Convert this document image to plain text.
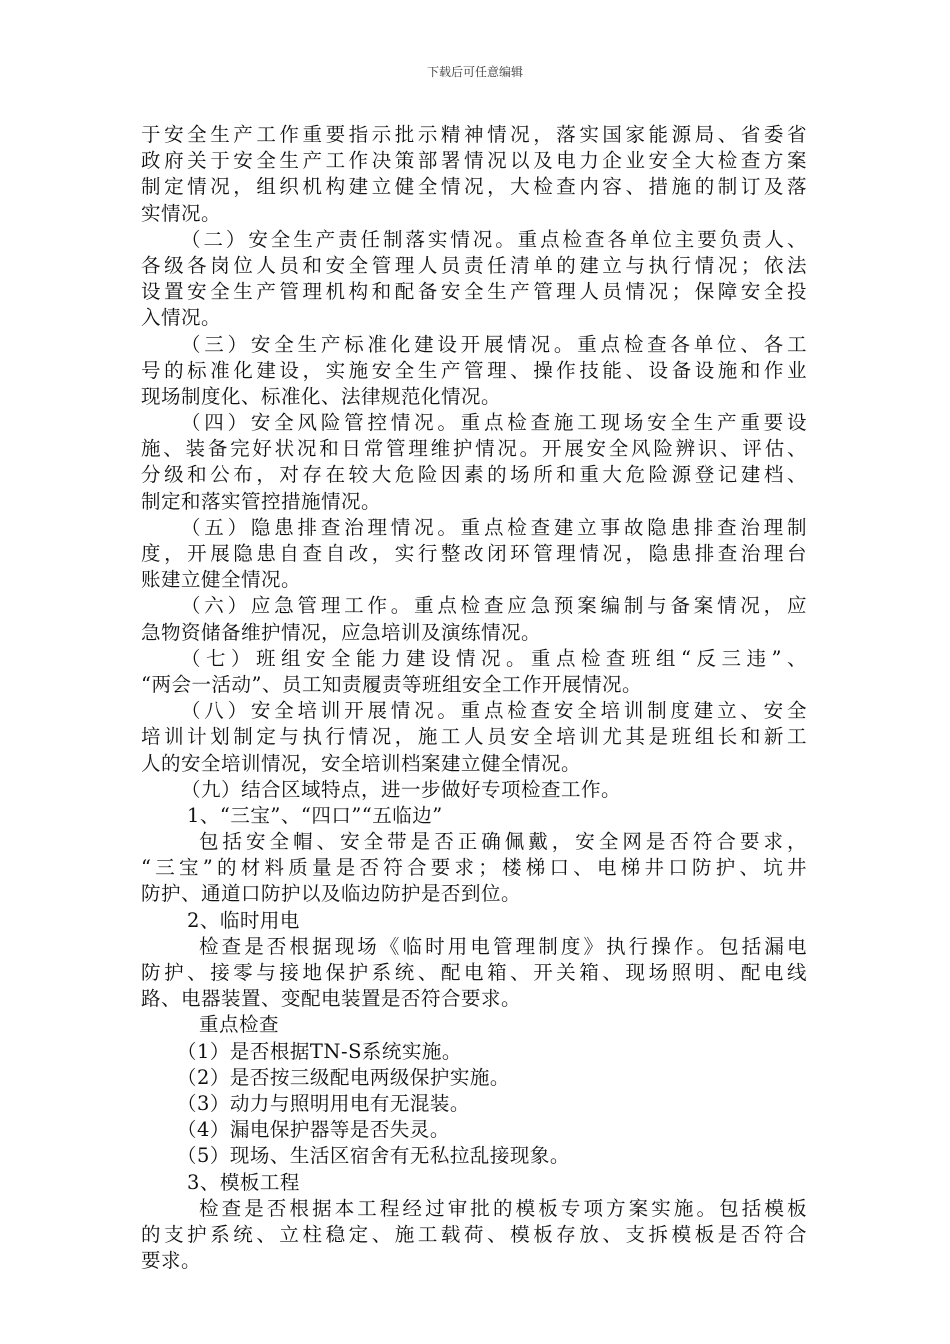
下载后可任意编辑
于安全生产工作重要指示批示精神情况，落实国家能源局、省委省
政府关于安全生产工作决策部署情况以及电力企业安全大检查方案
制定情况，组织机构建立健全情况，大检查内容、措施的制订及落
实情况。
（二）安全生产责任制落实情况。重点检查各单位主要负责人、
各级各岗位人员和安全管理人员责任清单的建立与执行情况；依法
设置安全生产管理机构和配备安全生产管理人员情况；保障安全投
入情况。
（三）安全生产标准化建设开展情况。重点检查各单位、各工
号的标准化建设，实施安全生产管理、操作技能、设备设施和作业
现场制度化、标准化、法律规范化情况。
（四）安全风险管控情况。重点检查施工现场安全生产重要设
施、装备完好状况和日常管理维护情况。开展安全风险辨识、评估、
分级和公布，对存在较大危险因素的场所和重大危险源登记建档、
制定和落实管控措施情况。
（五）隐患排查治理情况。重点检查建立事故隐患排查治理制
度，开展隐患自查自改，实行整改闭环管理情况，隐患排查治理台
账建立健全情况。
（六）应急管理工作。重点检查应急预案编制与备案情况，应
急物资储备维护情况，应急培训及演练情况。
（七）班组安全能力建设情况。重点检查班组“反三违”、
“两会一活动”、员工知责履责等班组安全工作开展情况。
（八）安全培训开展情况。重点检查安全培训制度建立、安全
培训计划制定与执行情况，施工人员安全培训尤其是班组长和新工
人的安全培训情况，安全培训档案建立健全情况。
（九）结合区域特点，进一步做好专项检查工作。
1、“三宝”、“四口”“五临边”
包括安全帽、安全带是否正确佩戴，安全网是否符合要求，
“三宝”的材料质量是否符合要求；楼梯口、电梯井口防护、坑井
防护、通道口防护以及临边防护是否到位。
2、临时用电
检查是否根据现场《临时用电管理制度》执行操作。包括漏电
防护、接零与接地保护系统、配电箱、开关箱、现场照明、配电线
路、电器装置、变配电装置是否符合要求。
重点检查
（1）是否根据TN-S系统实施。
（2）是否按三级配电两级保护实施。
（3）动力与照明用电有无混装。
（4）漏电保护器等是否失灵。
（5）现场、生活区宿舍有无私拉乱接现象。
3、模板工程
检查是否根据本工程经过审批的模板专项方案实施。包括模板
的支护系统、立柱稳定、施工载荷、模板存放、支拆模板是否符合
要求。
